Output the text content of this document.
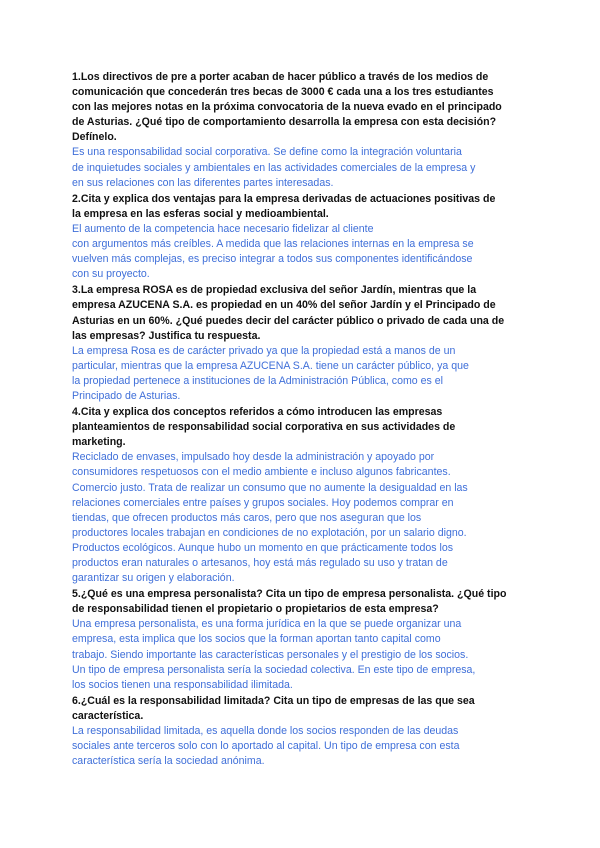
1.Los directivos de pre a porter acaban de hacer público a través de los medios de
comunicación que concederán tres becas de 3000 € cada una a los tres estudiantes
con las mejores notas en la próxima convocatoria de la nueva evado en el principado
de Asturias. ¿Qué tipo de comportamiento desarrolla la empresa con esta decisión?
Defínelo.

Es una responsabilidad social corporativa. Se define como la integración voluntaria
de inquietudes sociales y ambientales en las actividades comerciales de la empresa y
en sus relaciones con las diferentes partes interesadas.

2.Cita y explica dos ventajas para la empresa derivadas de actuaciones positivas de
la empresa en las esferas social y medioambiental.

El aumento de la competencia hace necesario fidelizar al cliente
con argumentos más creíbles. A medida que las relaciones internas en la empresa se
vuelven más complejas, es preciso integrar a todos sus componentes identificándose
con su proyecto.

3.La empresa ROSA es de propiedad exclusiva del señor Jardín, mientras que la
empresa AZUCENA S.A. es propiedad en un 40% del señor Jardín y el Principado de
Asturias en un 60%. ¿Qué puedes decir del carácter público o privado de cada una de
las empresas? Justifica tu respuesta.

La empresa Rosa es de carácter privado ya que la propiedad está a manos de un
particular, mientras que la empresa AZUCENA S.A. tiene un carácter público, ya que
la propiedad pertenece a instituciones de la Administración Pública, como es el
Principado de Asturias.

4.Cita y explica dos conceptos referidos a cómo introducen las empresas
planteamientos de responsabilidad social corporativa en sus actividades de
marketing.

Reciclado de envases, impulsado hoy desde la administración y apoyado por
consumidores respetuosos con el medio ambiente e incluso algunos fabricantes.
Comercio justo. Trata de realizar un consumo que no aumente la desigualdad en las
relaciones comerciales entre países y grupos sociales. Hoy podemos comprar en
tiendas, que ofrecen productos más caros, pero que nos aseguran que los
productores locales trabajan en condiciones de no explotación, por un salario digno.
Productos ecológicos. Aunque hubo un momento en que prácticamente todos los
productos eran naturales o artesanos, hoy está más regulado su uso y tratan de
garantizar su origen y elaboración.

5.¿Qué es una empresa personalista? Cita un tipo de empresa personalista. ¿Qué tipo
de responsabilidad tienen el propietario o propietarios de esta empresa?

Una empresa personalista, es una forma jurídica en la que se puede organizar una
empresa, esta implica que los socios que la forman aportan tanto capital como
trabajo. Siendo importante las características personales y el prestigio de los socios.
Un tipo de empresa personalista sería la sociedad colectiva. En este tipo de empresa,
los socios tienen una responsabilidad ilimitada.

6.¿Cuál es la responsabilidad limitada? Cita un tipo de empresas de las que sea
característica.

La responsabilidad limitada, es aquella donde los socios responden de las deudas
sociales ante terceros solo con lo aportado al capital. Un tipo de empresa con esta
característica sería la sociedad anónima.
